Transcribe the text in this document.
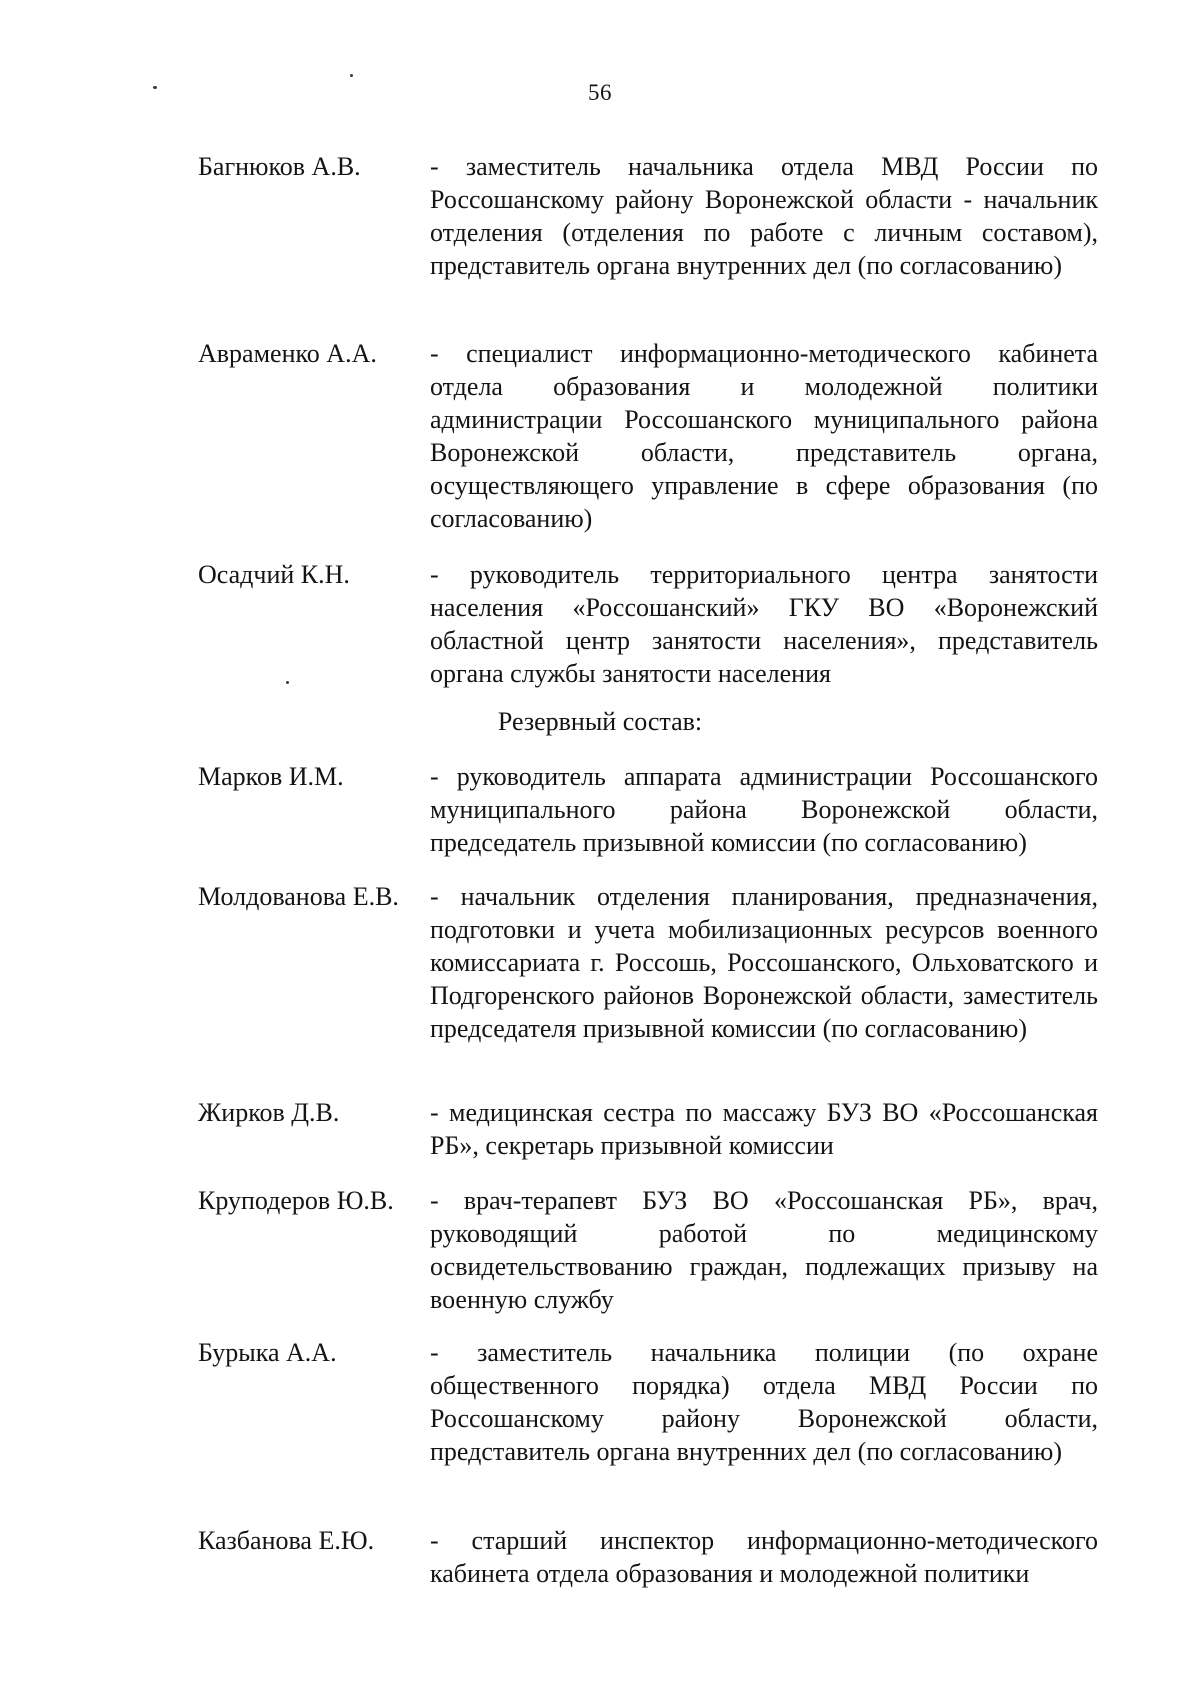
56
Багнюков А.В.	- заместитель начальника отдела МВД России по Россошанскому району Воронежской области - начальник отделения (отделения по работе с личным составом), представитель органа внутренних дел (по согласованию)
Авраменко А.А.	- специалист информационно-методического кабинета отдела образования и молодежной политики администрации Россошанского муниципального района Воронежской области, представитель органа, осуществляющего управление в сфере образования (по согласованию)
Осадчий К.Н.	- руководитель территориального центра занятости населения «Россошанский» ГКУ ВО «Воронежский областной центр занятости населения», представитель органа службы занятости населения
Резервный состав:
Марков И.М.	- руководитель аппарата администрации Россошанского муниципального района Воронежской области, председатель призывной комиссии (по согласованию)
Молдованова Е.В.	- начальник отделения планирования, предназначения, подготовки и учета мобилизационных ресурсов военного комиссариата г. Россошь, Россошанского, Ольховатского и Подгоренского районов Воронежской области, заместитель председателя призывной комиссии (по согласованию)
Жирков Д.В.	- медицинская сестра по массажу БУЗ ВО «Россошанская РБ», секретарь призывной комиссии
Круподеров Ю.В.	- врач-терапевт БУЗ ВО «Россошанская РБ», врач, руководящий работой по медицинскому освидетельствованию граждан, подлежащих призыву на военную службу
Бурыка А.А.	- заместитель начальника полиции (по охране общественного порядка) отдела МВД России по Россошанскому району Воронежской области, представитель органа внутренних дел (по согласованию)
Казбанова Е.Ю.	- старший инспектор информационно-методического кабинета отдела образования и молодежной политики
